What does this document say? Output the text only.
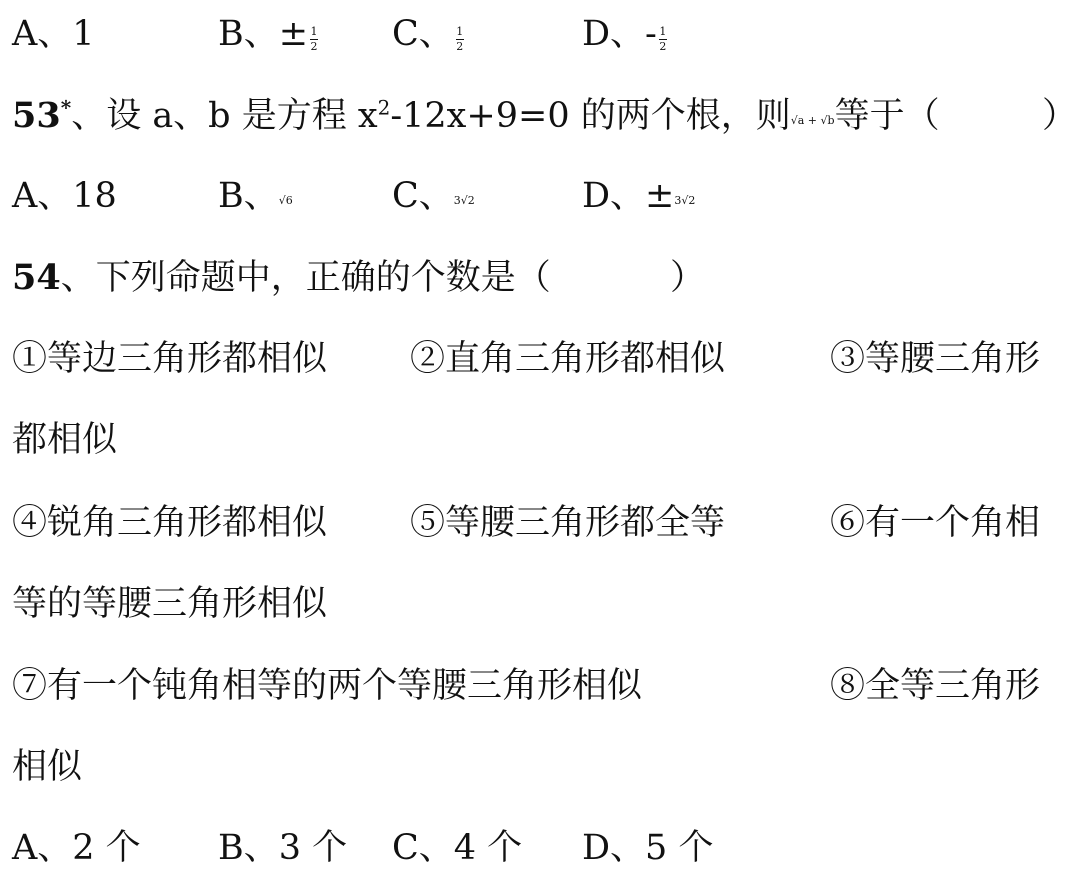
A、1	B、± $\frac{1}{2}$ C、 $\frac{1}{2}$	D、- $\frac{1}{2}$
53*、设 a、b 是方程 $x^2-12x+9=0$ 的两个根，则√a + √b等于（	）
A、18	B、√6	C、3√2	D、±3√2
54、下列命题中，正确的个数是（	）
①等边三角形都相似 ②直角三角形都相似	③等腰三角形
都相似
④锐角三角形都相似 ⑤等腰三角形都全等	⑥有一个角相
等的等腰三角形相似
⑦有一个钝角相等的两个等腰三角形相似	⑧全等三角形
相似
A、2 个 B、3 个 C、4 个 D、5 个
